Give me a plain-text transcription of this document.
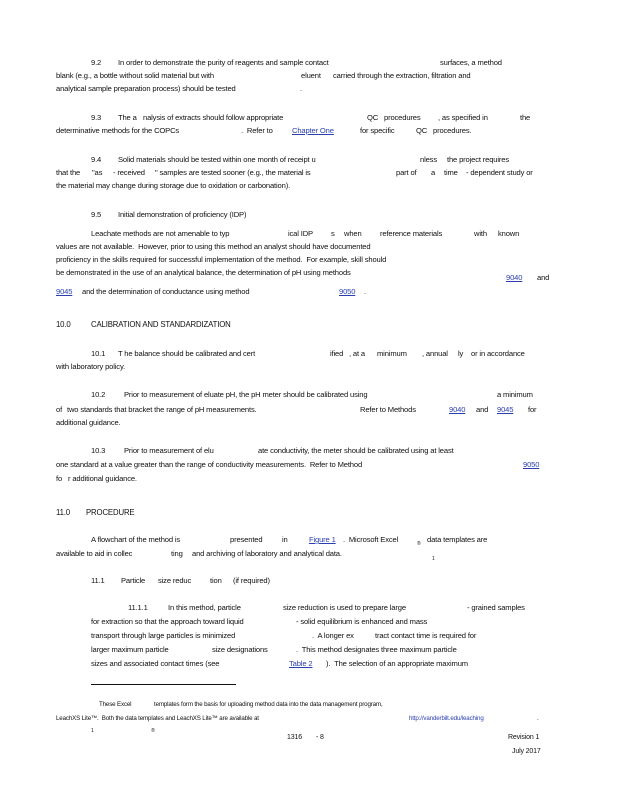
9.2 In order to demonstrate the purity of reagents and sample contact	surfaces, a method
blank (e.g., a bottle without solid material but with	eluent carried through the extraction, filtration and
analytical sample preparation process) should be tested	.
9.3 The a nalysis of extracts should follow appropriate	QC procedures , as specified in	the
determinative methods for the COPCs	.  Refer to	Chapter One	for specific	QC procedures.
9.4 Solid materials should be tested within one month of receipt u	nless the project requires
that the "as - received " samples are tested sooner (e.g., the material is	part of a time - dependent study or
the material may change during storage due to oxidation or carbonation).
9.5 Initial demonstration of proficiency (IDP)
Leachate methods are not amenable to typ	ical IDP s when reference materials	with known
values are not available.  However, prior to using this method an analyst should have documented
proficiency in the skills required for successful implementation of the method.  For example, skill should
be demonstrated in the use of an analytical balance, the determination of pH using methods
9040	and
9045	and the determination of conductance using method	9050	.
10.0	CALIBRATION AND STANDARDIZATION
10.1 T he balance should be calibrated and cert	ified , at a minimum , annual ly or in accordance
with laboratory policy.
10.2 Prior to measurement of eluate pH, the pH meter should be calibrated using	a minimum
of two standards that bracket the range of pH measurements.	Refer to Methods	9040	and 9045	for
additional guidance.
10.3 Prior to measurement of elu	ate conductivity, the meter should be calibrated using at least
one standard at a value greater than the range of conductivity measurements.  Refer to Method	9050
fo r additional guidance.
11.0 PROCEDURE
A flowchart of the method is	presented	in	Figure 1 .  Microsoft Excel	$_®$ data templates are
available to aid in collec	ting and archiving of laboratory and analytical data.
$_1$
11.1 Particle size reduc tion (if required)
11.1.1	In this method, particle	size reduction is used to prepare large	- grained samples
for extraction so that the approach toward liquid	- solid equilibrium is enhanced and mass
transport through large particles is minimized	.  A longer ex	tract contact time is required for
larger maximum particle	size designations	.  This method designates three maximum particle
sizes and associated contact times (see	Table 2	).  The selection of an appropriate maximum
$_1$
These Excel
$_®$
templates form the basis for uploading method data into the data management program,
LeachXS Lite™.  Both the data templates and LeachXS Lite™ are available at	http://vanderbilt.edu/leaching	.
1316 - 8	Revision 1
July 2017
